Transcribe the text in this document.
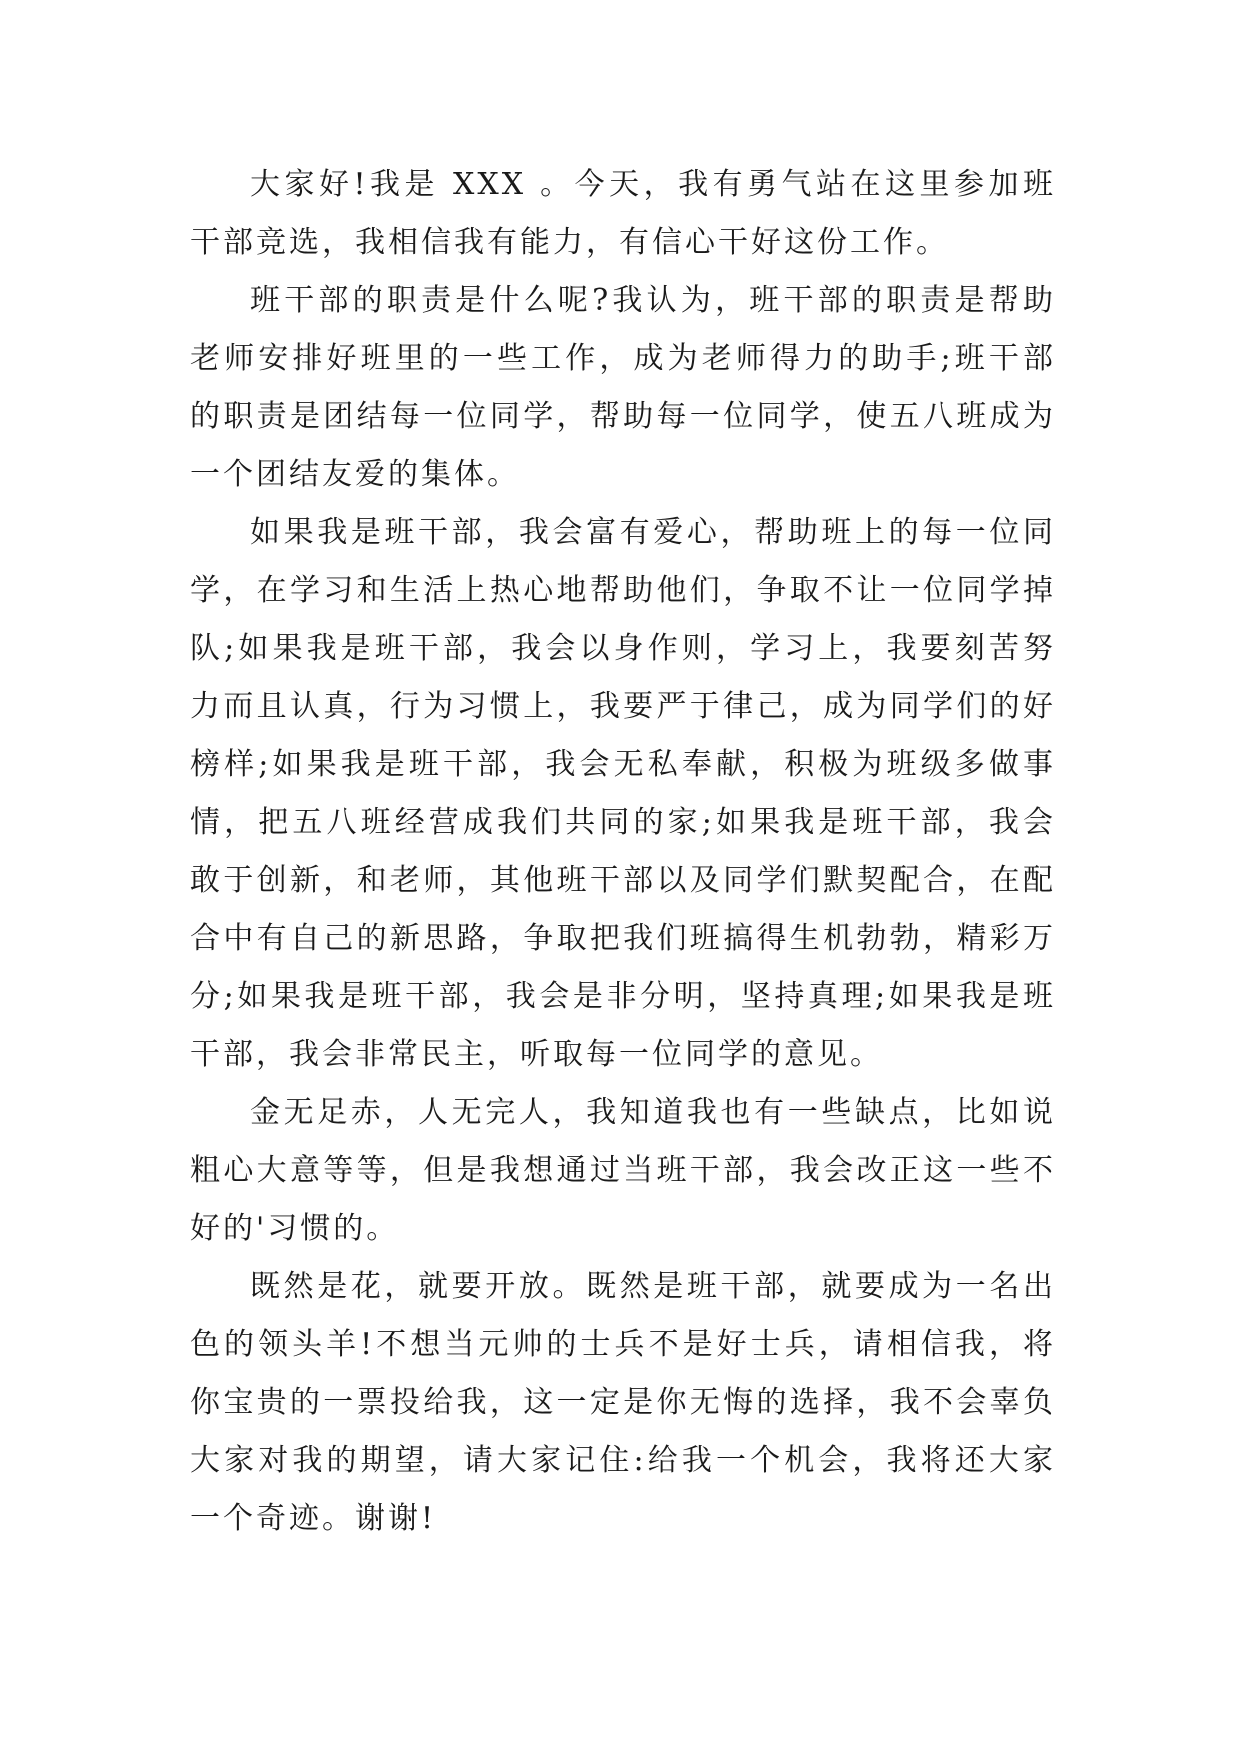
大家好!我是 XXX 。今天，我有勇气站在这里参加班干部竞选，我相信我有能力，有信心干好这份工作。

班干部的职责是什么呢?我认为，班干部的职责是帮助老师安排好班里的一些工作，成为老师得力的助手;班干部的职责是团结每一位同学，帮助每一位同学，使五八班成为一个团结友爱的集体。

如果我是班干部，我会富有爱心，帮助班上的每一位同学，在学习和生活上热心地帮助他们，争取不让一位同学掉队;如果我是班干部，我会以身作则，学习上，我要刻苦努力而且认真，行为习惯上，我要严于律己，成为同学们的好榜样;如果我是班干部，我会无私奉献，积极为班级多做事情，把五八班经营成我们共同的家;如果我是班干部，我会敢于创新，和老师，其他班干部以及同学们默契配合，在配合中有自己的新思路，争取把我们班搞得生机勃勃，精彩万分;如果我是班干部，我会是非分明，坚持真理;如果我是班干部，我会非常民主，听取每一位同学的意见。

金无足赤，人无完人，我知道我也有一些缺点，比如说粗心大意等等，但是我想通过当班干部，我会改正这一些不好的'习惯的。

既然是花，就要开放。既然是班干部，就要成为一名出色的领头羊!不想当元帅的士兵不是好士兵，请相信我，将你宝贵的一票投给我，这一定是你无悔的选择，我不会辜负大家对我的期望，请大家记住:给我一个机会，我将还大家一个奇迹。谢谢!
